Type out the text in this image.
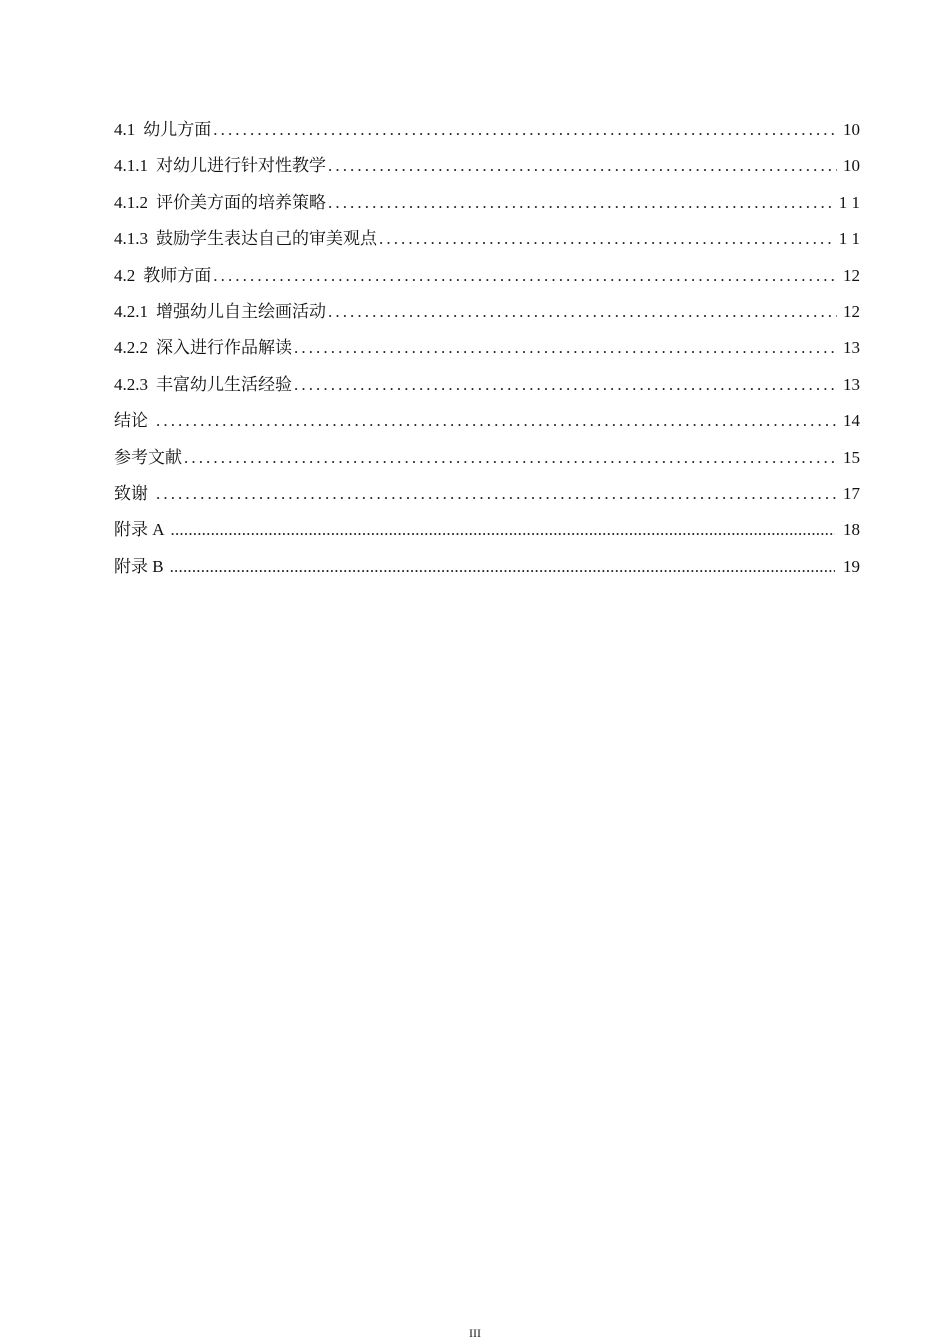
4.1 幼儿方面 .....	10
4.1.1 对幼儿进行针对性教学 .....	10
4.1.2 评价美方面的培养策略 .....	1 1
4.1.3 鼓励学生表达自己的审美观点 .....	1 1
4.2 教师方面 .....	12
4.2.1 增强幼儿自主绘画活动 .....	12
4.2.2 深入进行作品解读 .....	13
4.2.3 丰富幼儿生活经验 .....	13
结论 .....	14
参考文献 .....	15
致谢 .....	17
附录 A .....	18
附录 B .....	19
III
